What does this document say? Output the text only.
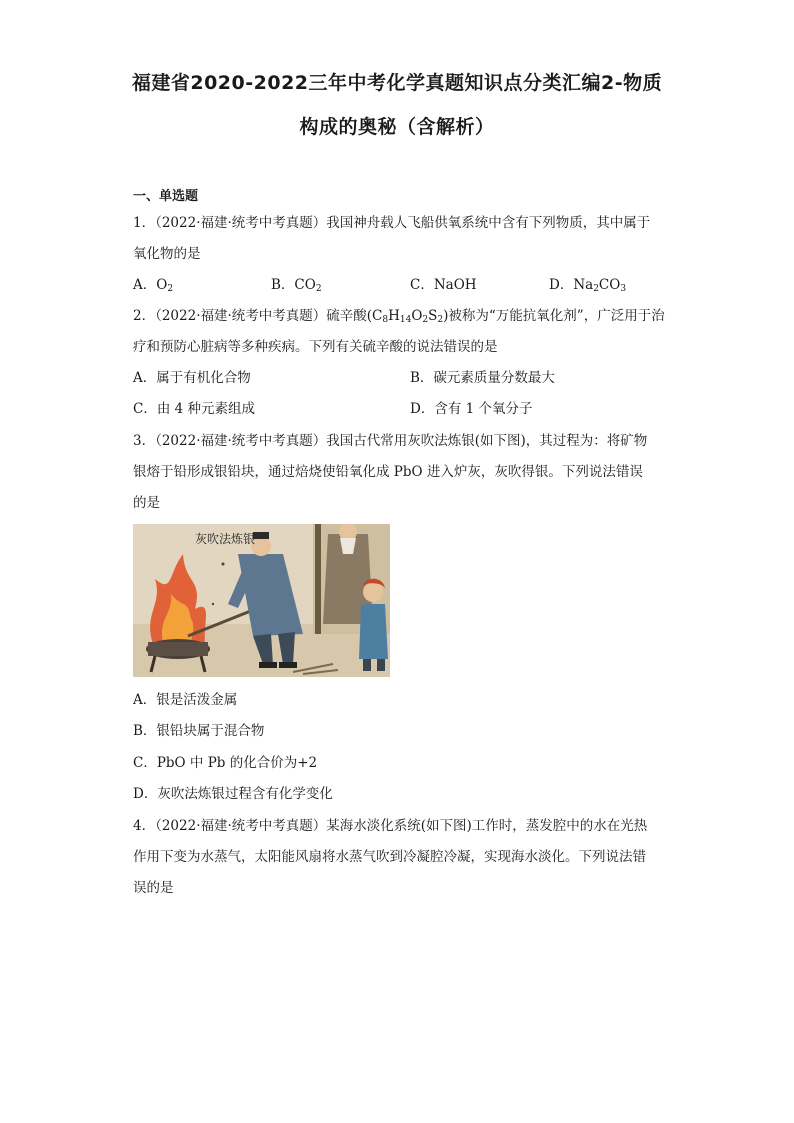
福建省2020-2022三年中考化学真题知识点分类汇编2-物质
构成的奥秘（含解析）
一、单选题
1．（2022·福建·统考中考真题）我国神舟载人飞船供氧系统中含有下列物质，其中属于
氧化物的是
A．$O_2$	B．$CO_2$	C．NaOH	D．$Na_2CO_3$
2．（2022·福建·统考中考真题）硫辛酸$(C_8H_{14}O_2S_2)$被称为“万能抗氧化剂”，广泛用于治
疗和预防心脏病等多种疾病。下列有关硫辛酸的说法错误的是
A．属于有机化合物	B．碳元素质量分数最大
C．由 4 种元素组成	D．含有 1 个氧分子
3．（2022·福建·统考中考真题）我国古代常用灰吹法炼银(如下图)，其过程为：将矿物
银熔于铅形成银铅块，通过焙烧使铅氧化成 PbO 进入炉灰，灰吹得银。下列说法错误
的是
灰吹法炼银
A．银是活泼金属
B．银铅块属于混合物
C．PbO 中 Pb 的化合价为+2
D．灰吹法炼银过程含有化学变化
4．（2022·福建·统考中考真题）某海水淡化系统(如下图)工作时，蒸发腔中的水在光热
作用下变为水蒸气，太阳能风扇将水蒸气吹到冷凝腔冷凝，实现海水淡化。下列说法错
误的是
